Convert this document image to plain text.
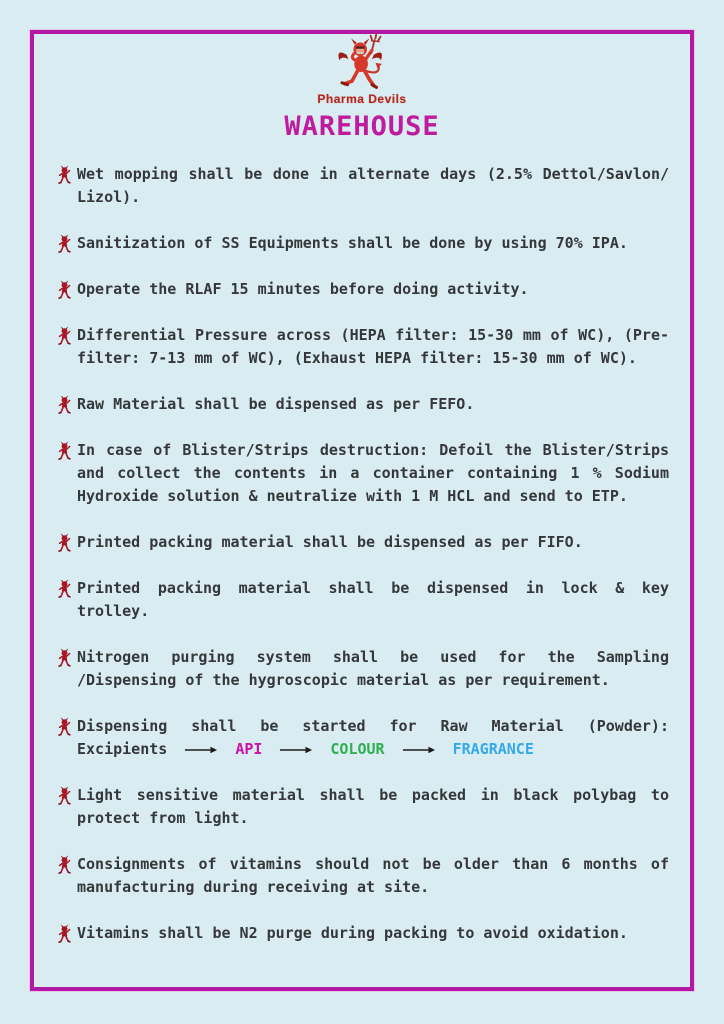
Pharma Devils
WAREHOUSE
Wet mopping shall be done in alternate days (2.5% Dettol/Savlon/ Lizol).
Sanitization of SS Equipments shall be done by using 70% IPA.
Operate the RLAF 15 minutes before doing activity.
Differential Pressure across (HEPA filter: 15-30 mm of WC), (Pre-filter: 7-13 mm of WC), (Exhaust HEPA filter: 15-30 mm of WC).
Raw Material shall be dispensed as per FEFO.
In case of Blister/Strips destruction: Defoil the Blister/Strips and collect the contents in a container containing 1 % Sodium Hydroxide solution & neutralize with 1 M HCL and send to ETP.
Printed packing material shall be dispensed as per FIFO.
Printed packing material shall be dispensed in lock & key trolley.
Nitrogen purging system shall be used for the Sampling /Dispensing of the hygroscopic material as per requirement.
Dispensing shall be started for Raw Material (Powder):
Excipients	API	COLOUR	FRAGRANCE
Light sensitive material shall be packed in black polybag to protect from light.
Consignments of vitamins should not be older than 6 months of manufacturing during receiving at site.
Vitamins shall be N2 purge during packing to avoid oxidation.
